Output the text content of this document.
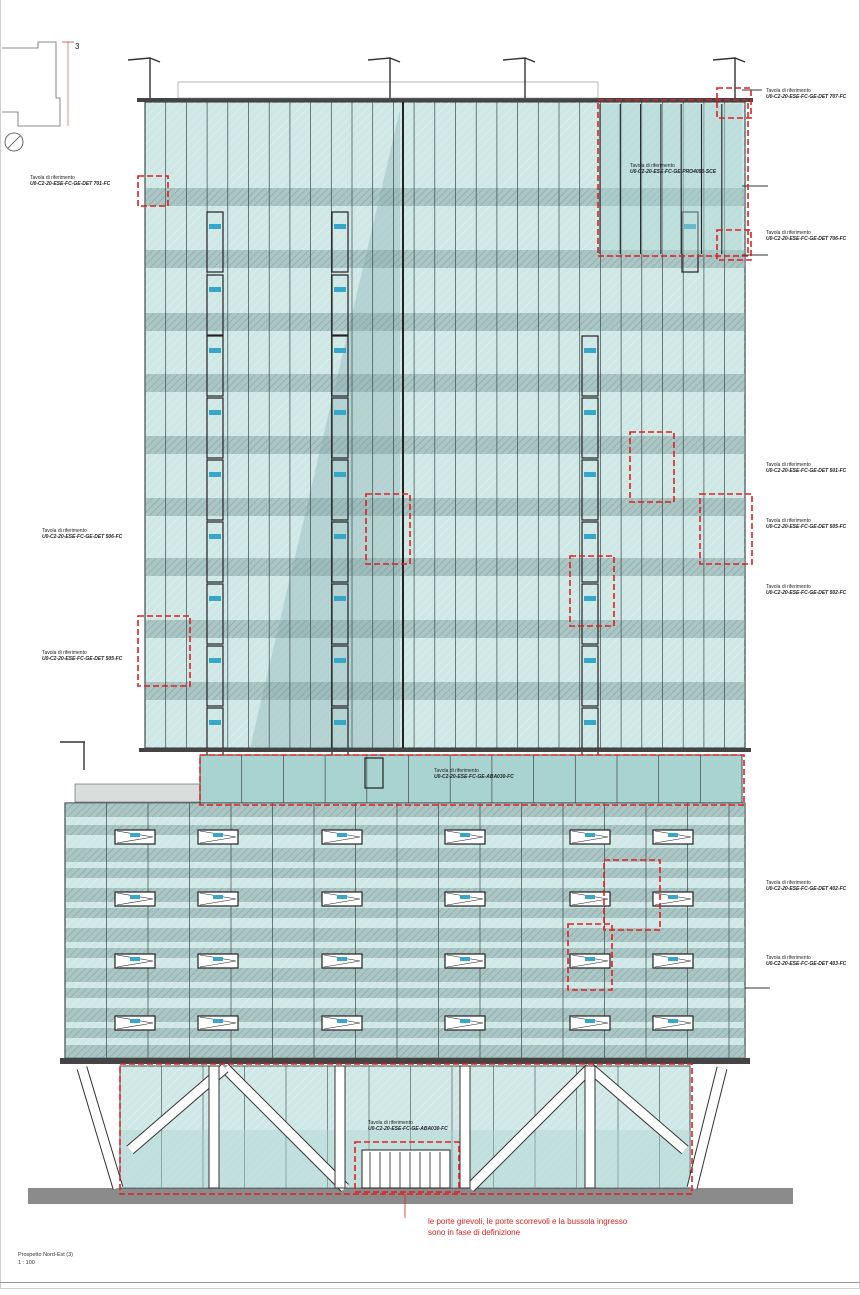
3
Tavola di riferimento
U0-C2-20-ESE-FC-GE-DET 707-FC
Tavola di riferimento
U0-C2-20-ESE-FC-GE-PRO4050-SCE
Tavola di riferimento
U0-C2-20-ESE-FC-GE-DET 706-FC
Tavola di riferimento
U0-C2-20-ESE-FC-GE-DET 701-FC
Tavola di riferimento
U0-C2-20-ESE-FC-GE-DET 501-FC
Tavola di riferimento
U0-C2-20-ESE-FC-GE-DET 506-FC
Tavola di riferimento
U0-C2-20-ESE-FC-GE-DET 505-FC
Tavola di riferimento
U0-C2-20-ESE-FC-GE-DET 502-FC
Tavola di riferimento
U0-C2-20-ESE-FC-GE-DET 505-FC
Tavola di riferimento
U0-C2-20-ESE-FC-GE-ABA030-FC
Tavola di riferimento
U0-C2-20-ESE-FC-GE-DET 402-FC
Tavola di riferimento
U0-C2-20-ESE-FC-GE-DET 403-FC
Tavola di riferimento
U0-C2-20-ESE-FC-GE-ABA030-FC
le porte girevoli, le porte scorrevoli e la bussola ingresso
sono in fase di definizione
Prospetto Nord-Est (3)
1 : 100
